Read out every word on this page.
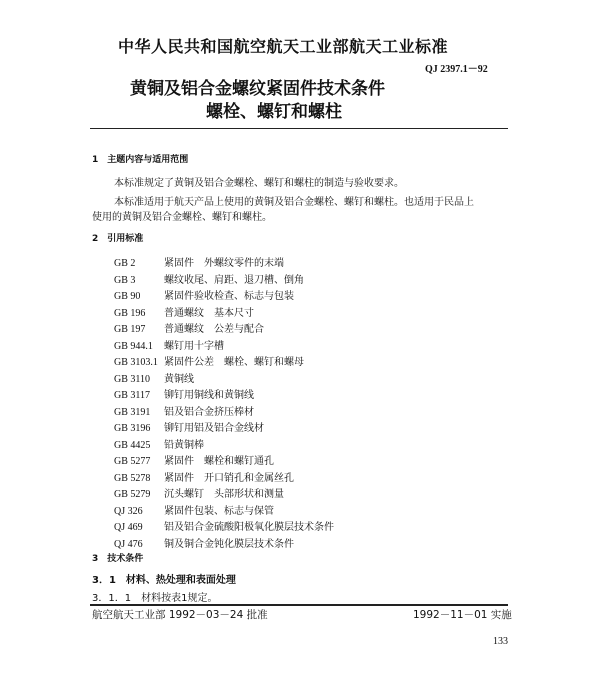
中华人民共和国航空航天工业部航天工业标准
QJ 2397.1－92
黄铜及铝合金螺纹紧固件技术条件
螺栓、螺钉和螺柱
1　主题内容与适用范围
本标准规定了黄铜及铝合金螺栓、螺钉和螺柱的制造与验收要求。
本标准适用于航天产品上使用的黄铜及铝合金螺栓、螺钉和螺柱。也适用于民品上
使用的黄铜及铝合金螺栓、螺钉和螺柱。
2　引用标准
GB 2	紧固件　外螺纹零件的末端
GB 3	螺纹收尾、肩距、退刀槽、倒角
GB 90 紧固件验收检查、标志与包装
GB 196 普通螺纹　基本尺寸
GB 197 普通螺纹　公差与配合
GB 944.1 螺钉用十字槽
GB 3103.1 紧固件公差　螺栓、螺钉和螺母
GB 3110 黄铜线
GB 3117 铆钉用铜线和黄铜线
GB 3191 铝及铝合金挤压棒材
GB 3196 铆钉用铝及铝合金线材
GB 4425 铅黄铜棒
GB 5277 紧固件　螺栓和螺钉通孔
GB 5278 紧固件　开口销孔和金属丝孔
GB 5279 沉头螺钉　头部形状和测量
QJ 326 紧固件包装、标志与保管
QJ 469 铝及铝合金硫酸阳极氧化膜层技术条件
QJ 476 铜及铜合金钝化膜层技术条件
3　技术条件
3．1　材料、热处理和表面处理
3．1．1　材料按表1规定。
航空航天工业部 1992－03－24 批准	1992－11－01 实施
133
